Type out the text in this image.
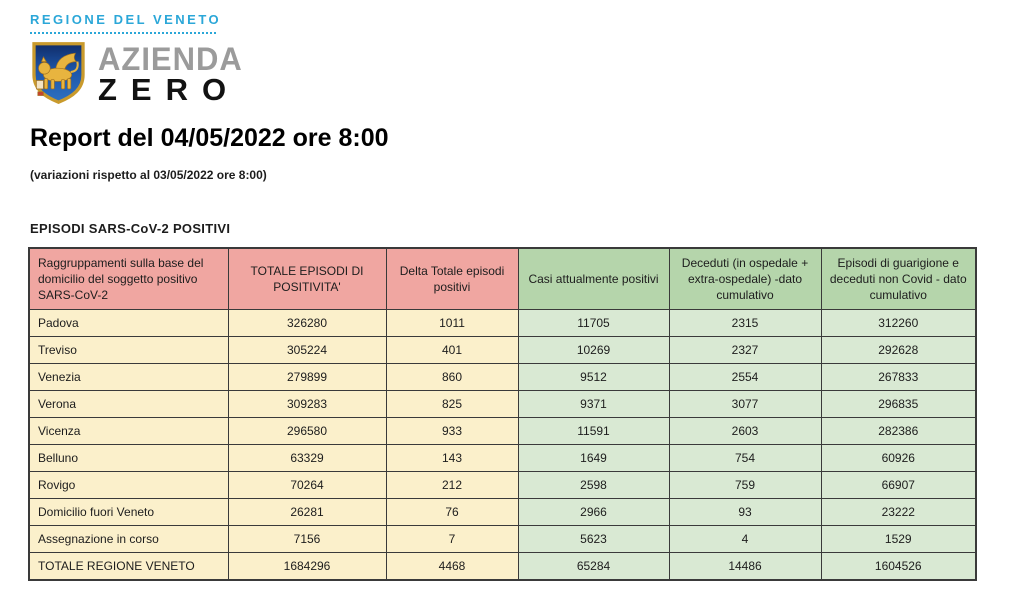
REGIONE DEL VENETO
AZIENDA
ZERO
Report del 04/05/2022 ore 8:00
(variazioni rispetto al 03/05/2022 ore 8:00)
EPISODI SARS-CoV-2 POSITIVI
Raggruppamenti sulla base del domicilio del soggetto positivo SARS-CoV-2	TOTALE EPISODI DI POSITIVITA'	Delta Totale episodi positivi	Casi attualmente positivi	Deceduti (in ospedale + extra-ospedale) -dato cumulativo	Episodi di guarigione e deceduti non Covid - dato cumulativo
Padova	326280	1011	11705	2315	312260
Treviso	305224	401	10269	2327	292628
Venezia	279899	860	9512	2554	267833
Verona	309283	825	9371	3077	296835
Vicenza	296580	933	11591	2603	282386
Belluno	63329	143	1649	754	60926
Rovigo	70264	212	2598	759	66907
Domicilio fuori Veneto	26281	76	2966	93	23222
Assegnazione in corso	7156	7	5623	4	1529
TOTALE REGIONE VENETO	1684296	4468	65284	14486	1604526
